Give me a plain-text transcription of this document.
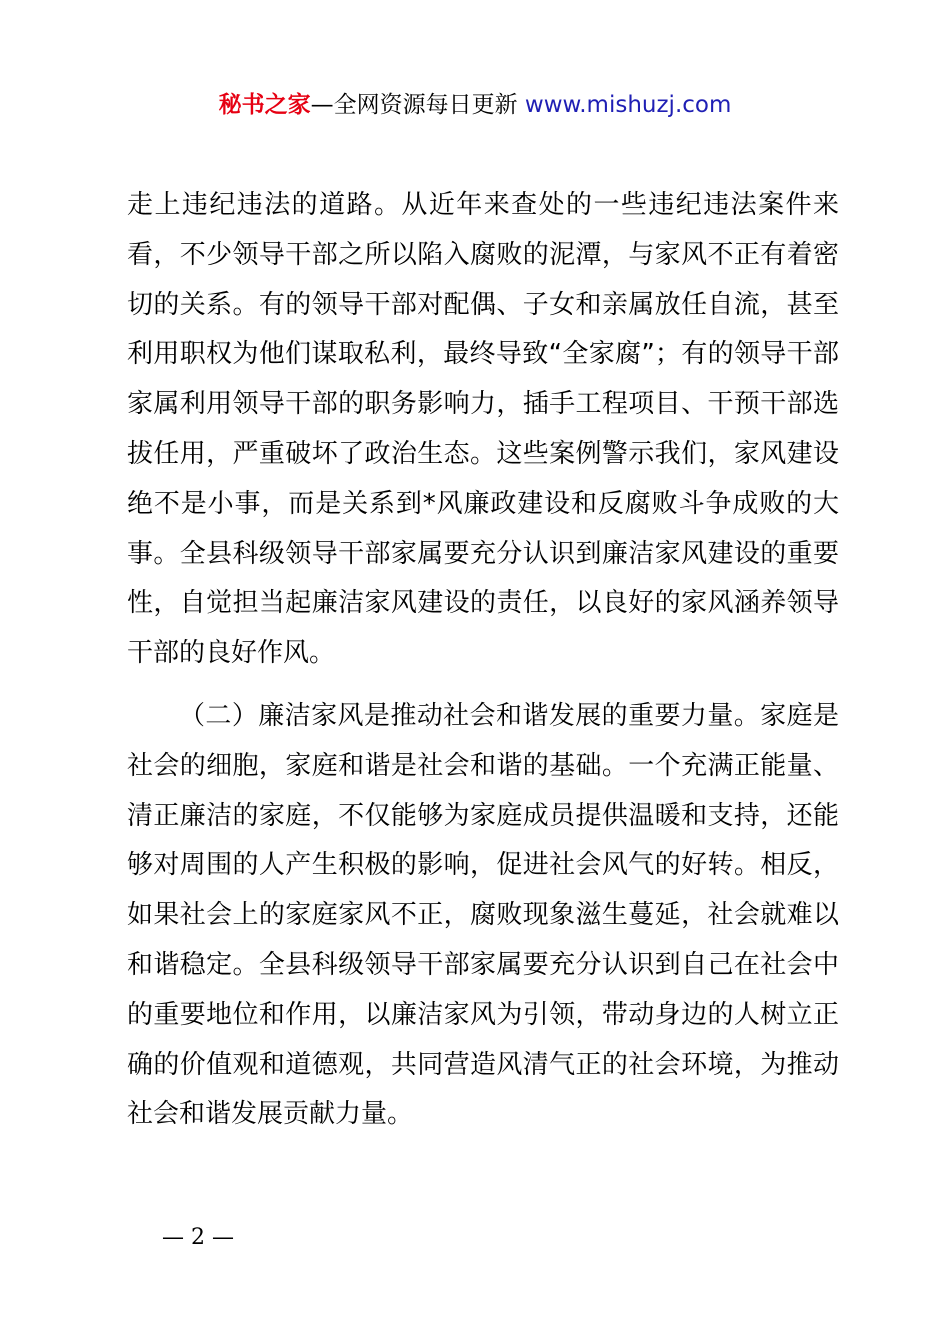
秘书之家—全网资源每日更新 www.mishuzj.com

走上违纪违法的道路。从近年来查处的一些违纪违法案件来看，不少领导干部之所以陷入腐败的泥潭，与家风不正有着密切的关系。有的领导干部对配偶、子女和亲属放任自流，甚至利用职权为他们谋取私利，最终导致“全家腐”；有的领导干部家属利用领导干部的职务影响力，插手工程项目、干预干部选拔任用，严重破坏了政治生态。这些案例警示我们，家风建设绝不是小事，而是关系到*风廉政建设和反腐败斗争成败的大事。全县科级领导干部家属要充分认识到廉洁家风建设的重要性，自觉担当起廉洁家风建设的责任，以良好的家风涵养领导干部的良好作风。

（二）廉洁家风是推动社会和谐发展的重要力量。家庭是社会的细胞，家庭和谐是社会和谐的基础。一个充满正能量、清正廉洁的家庭，不仅能够为家庭成员提供温暖和支持，还能够对周围的人产生积极的影响，促进社会风气的好转。相反，如果社会上的家庭家风不正，腐败现象滋生蔓延，社会就难以和谐稳定。全县科级领导干部家属要充分认识到自己在社会中的重要地位和作用，以廉洁家风为引领，带动身边的人树立正确的价值观和道德观，共同营造风清气正的社会环境，为推动社会和谐发展贡献力量。

— 2 —
